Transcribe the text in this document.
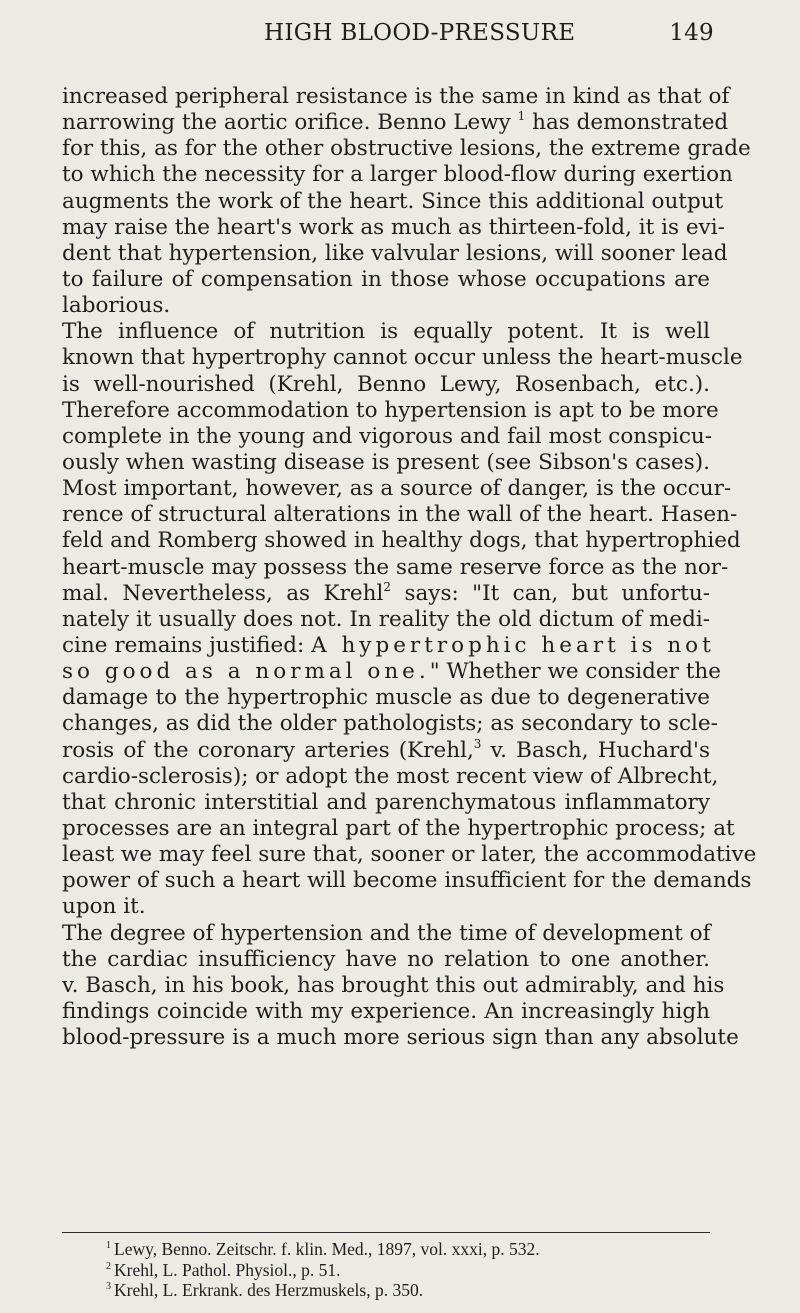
HIGH BLOOD-PRESSURE	149
increased peripheral resistance is the same in kind as that of
narrowing the aortic orifice. Benno Lewy $^1$ has demonstrated
for this, as for the other obstructive lesions, the extreme grade
to which the necessity for a larger blood-flow during exertion
augments the work of the heart. Since this additional output
may raise the heart's work as much as thirteen-fold, it is evi-
dent that hypertension, like valvular lesions, will sooner lead
to failure of compensation in those whose occupations are
laborious.
The influence of nutrition is equally potent. It is well
known that hypertrophy cannot occur unless the heart-muscle
is well-nourished (Krehl, Benno Lewy, Rosenbach, etc.).
Therefore accommodation to hypertension is apt to be more
complete in the young and vigorous and fail most conspicu-
ously when wasting disease is present (see Sibson's cases).
Most important, however, as a source of danger, is the occur-
rence of structural alterations in the wall of the heart. Hasen-
feld and Romberg showed in healthy dogs, that hypertrophied
heart-muscle may possess the same reserve force as the nor-
mal. Nevertheless, as Krehl$^2$ says: "It can, but unfortu-
nately it usually does not. In reality the old dictum of medi-
cine remains justified: A hypertrophic heart is not
so good as a normal one." Whether we consider the
damage to the hypertrophic muscle as due to degenerative
changes, as did the older pathologists; as secondary to scle-
rosis of the coronary arteries (Krehl,$^3$ v. Basch, Huchard's
cardio-sclerosis); or adopt the most recent view of Albrecht,
that chronic interstitial and parenchymatous inflammatory
processes are an integral part of the hypertrophic process; at
least we may feel sure that, sooner or later, the accommodative
power of such a heart will become insufficient for the demands
upon it.
The degree of hypertension and the time of development of
the cardiac insufficiency have no relation to one another.
v. Basch, in his book, has brought this out admirably, and his
findings coincide with my experience. An increasingly high
blood-pressure is a much more serious sign than any absolute
$^1$ Lewy, Benno. Zeitschr. f. klin. Med., 1897, vol. xxxi, p. 532.
$^2$ Krehl, L. Pathol. Physiol., p. 51.
$^3$ Krehl, L. Erkrank. des Herzmuskels, p. 350.
